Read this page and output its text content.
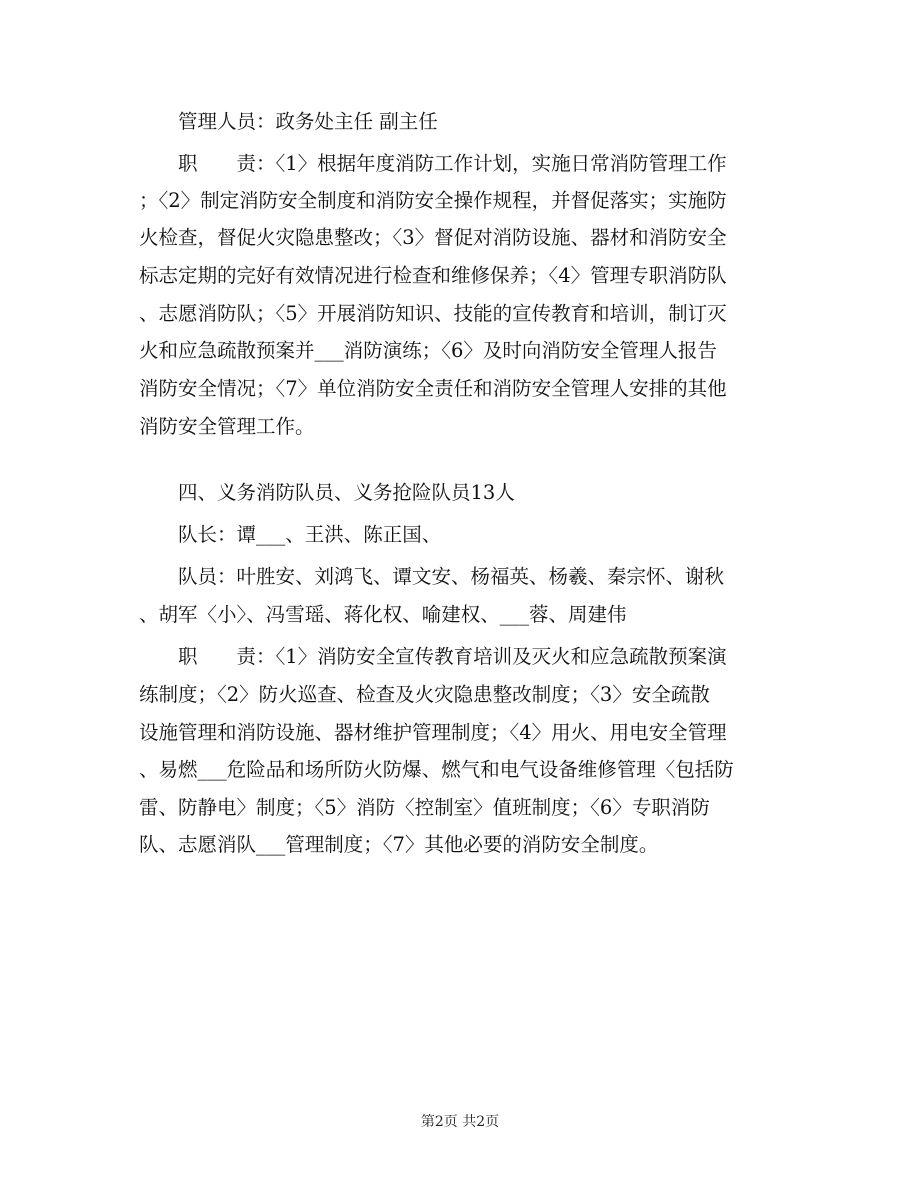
　　管理人员：政务处主任 副主任
　　职　　责：〈1〉根据年度消防工作计划，实施日常消防管理工作
；〈2〉制定消防安全制度和消防安全操作规程，并督促落实；实施防
火检查，督促火灾隐患整改；〈3〉督促对消防设施、器材和消防安全
标志定期的完好有效情况进行检查和维修保养；〈4〉管理专职消防队
、志愿消防队；〈5〉开展消防知识、技能的宣传教育和培训，制订灭
火和应急疏散预案并___消防演练；〈6〉及时向消防安全管理人报告
消防安全情况；〈7〉单位消防安全责任和消防安全管理人安排的其他
消防安全管理工作。
　　四、义务消防队员、义务抢险队员13人
　　队长：谭___、王洪、陈正国、
　　队员：叶胜安、刘鸿飞、谭文安、杨福英、杨羲、秦宗怀、谢秋
、胡军〈小〉、冯雪瑶、蒋化权、喻建权、___蓉、周建伟
　　职　　责：〈1〉消防安全宣传教育培训及灭火和应急疏散预案演
练制度；〈2〉防火巡查、检查及火灾隐患整改制度；〈3〉安全疏散
设施管理和消防设施、器材维护管理制度；〈4〉用火、用电安全管理
、易燃___危险品和场所防火防爆、燃气和电气设备维修管理〈包括防
雷、防静电〉制度；〈5〉消防〈控制室〉值班制度；〈6〉专职消防
队、志愿消队___管理制度；〈7〉其他必要的消防安全制度。
第2页 共2页
